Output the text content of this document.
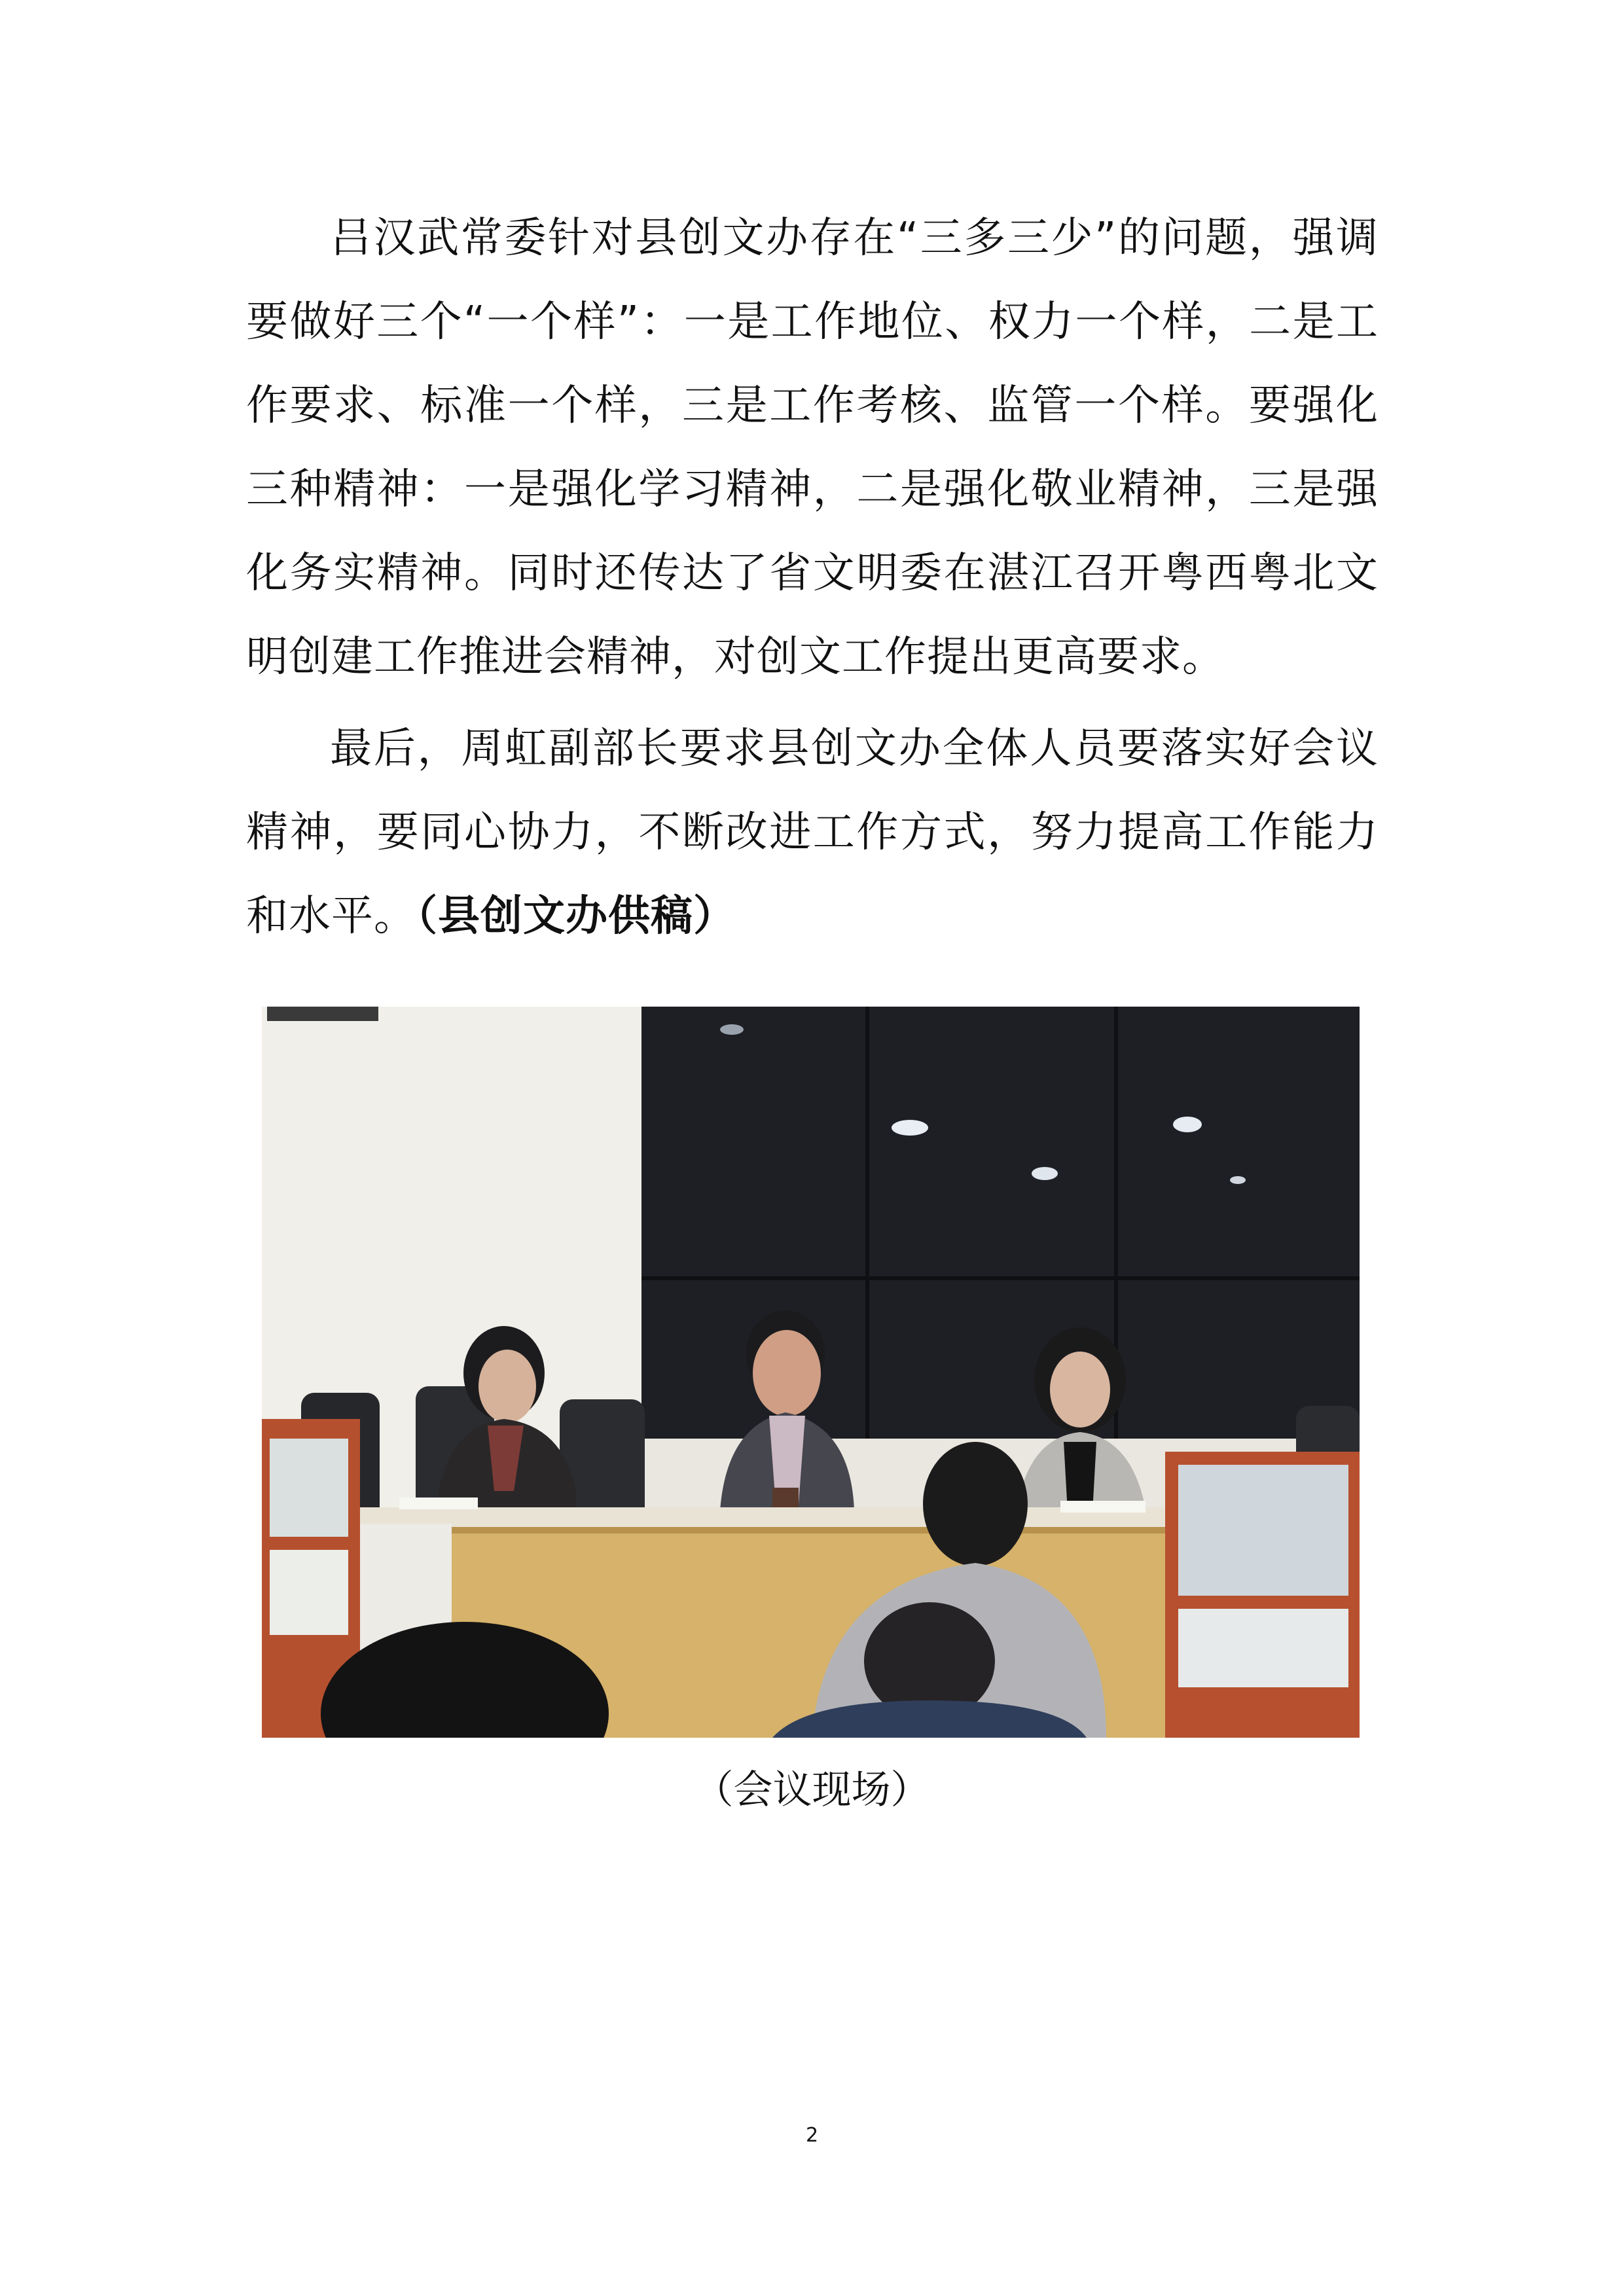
吕汉武常委针对县创文办存在“三多三少”的问题，强调要做好三个“一个样”：一是工作地位、权力一个样，二是工作要求、标准一个样，三是工作考核、监管一个样。要强化三种精神：一是强化学习精神，二是强化敬业精神，三是强化务实精神。同时还传达了省文明委在湛江召开粤西粤北文明创建工作推进会精神，对创文工作提出更高要求。

最后，周虹副部长要求县创文办全体人员要落实好会议精神，要同心协力，不断改进工作方式，努力提高工作能力和水平。（县创文办供稿）

（会议现场）
2
